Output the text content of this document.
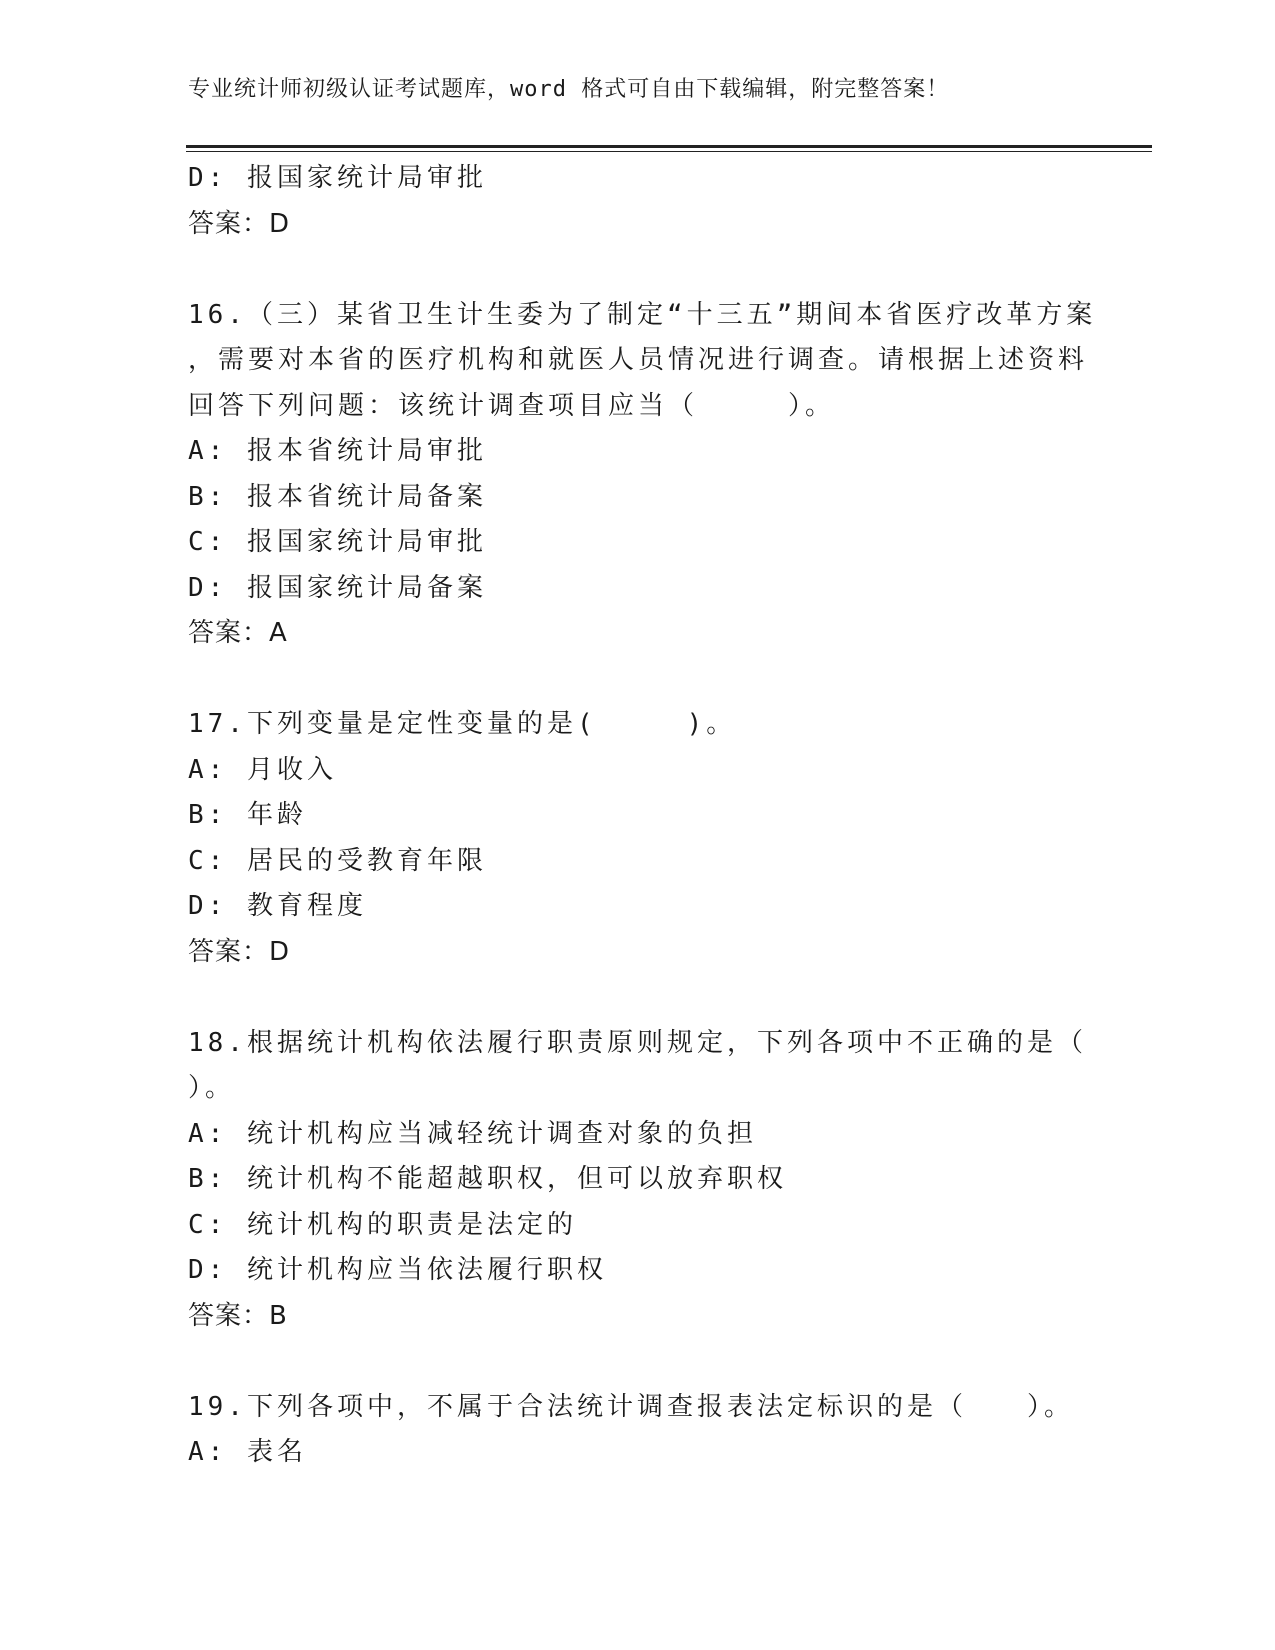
专业统计师初级认证考试题库，word 格式可自由下载编辑，附完整答案！
D: 报国家统计局审批
答案：D
16.（三）某省卫生计生委为了制定“十三五”期间本省医疗改革方案
，需要对本省的医疗机构和就医人员情况进行调查。请根据上述资料
回答下列问题：该统计调查项目应当（　　　）。
A: 报本省统计局审批
B: 报本省统计局备案
C: 报国家统计局审批
D: 报国家统计局备案
答案：A
17.下列变量是定性变量的是(　　　)。
A: 月收入
B: 年龄
C: 居民的受教育年限
D: 教育程度
答案：D
18.根据统计机构依法履行职责原则规定，下列各项中不正确的是（
）。
A: 统计机构应当减轻统计调查对象的负担
B: 统计机构不能超越职权，但可以放弃职权
C: 统计机构的职责是法定的
D: 统计机构应当依法履行职权
答案：B
19.下列各项中，不属于合法统计调查报表法定标识的是（　　）。
A: 表名
